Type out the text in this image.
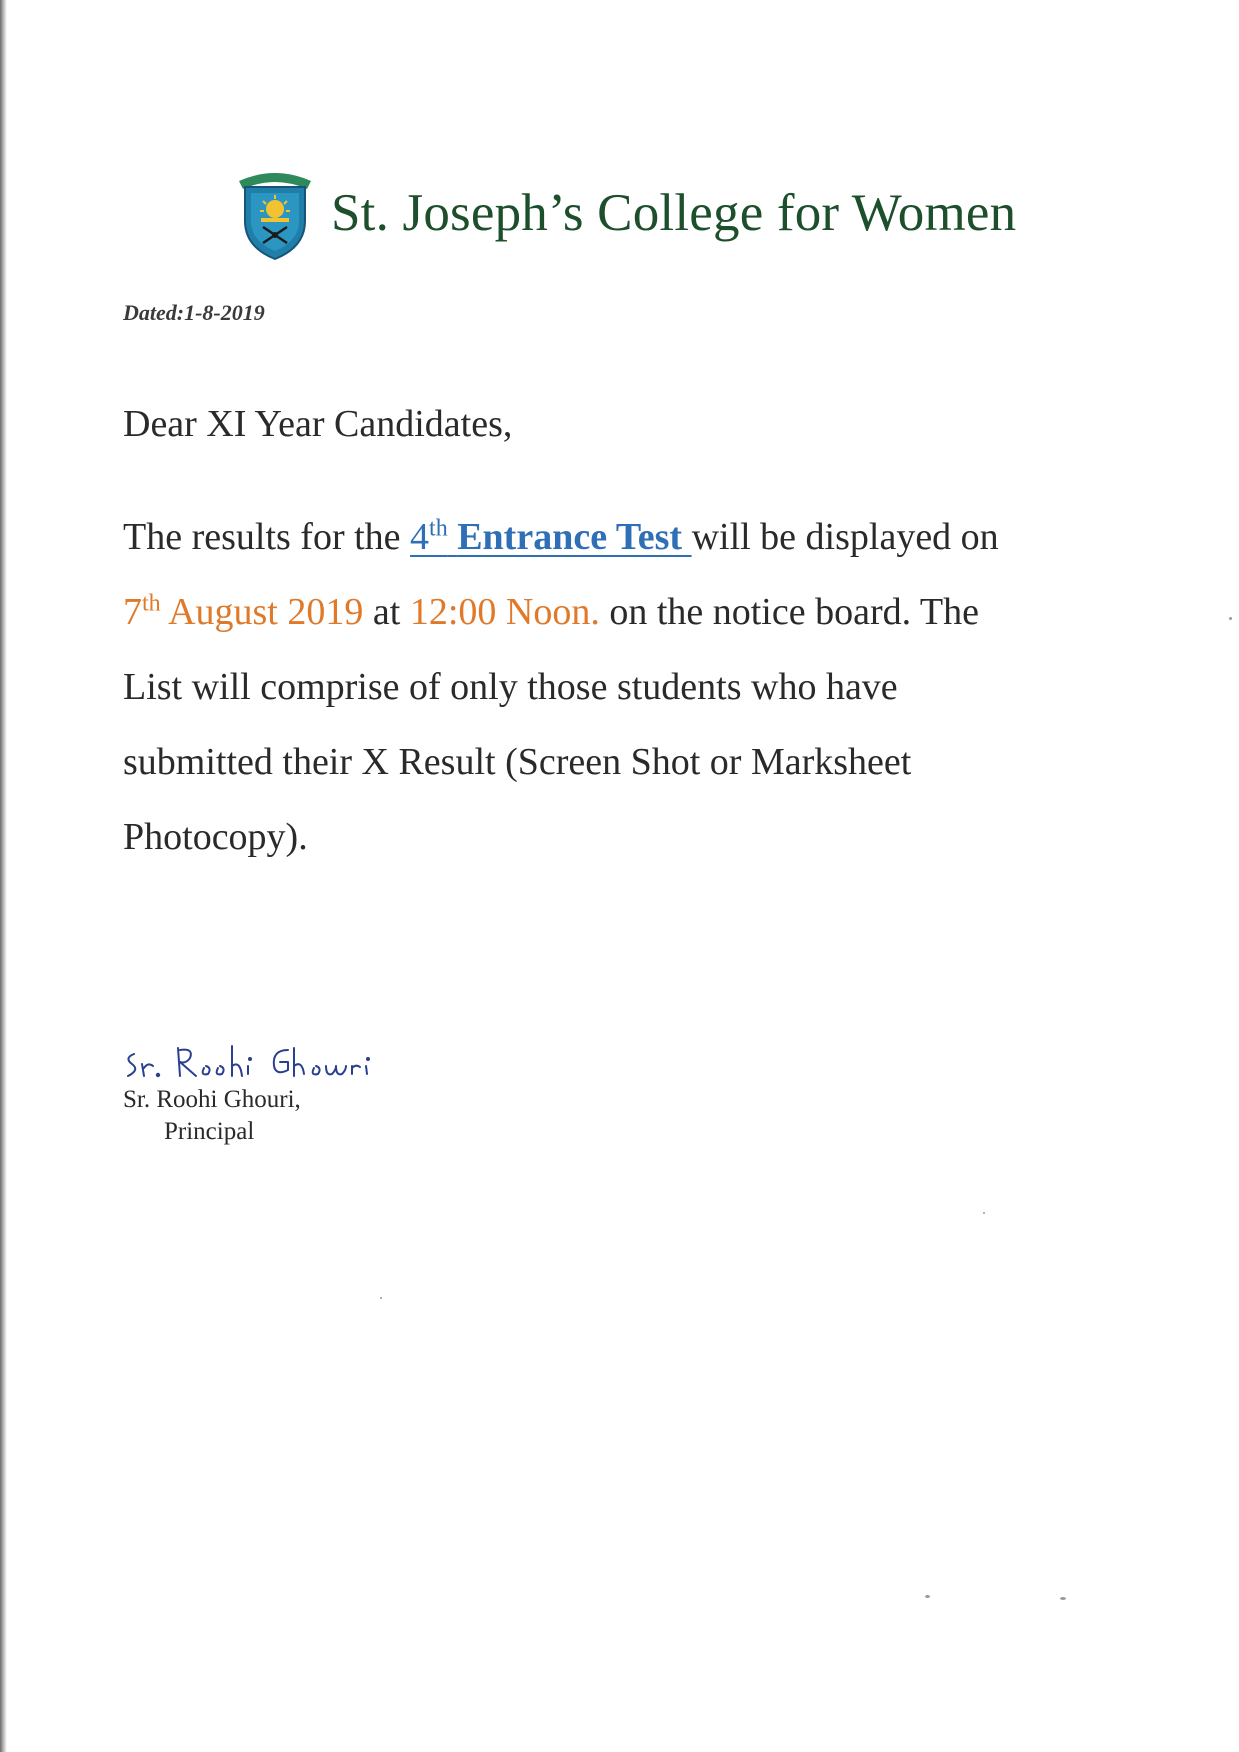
St. Joseph’s College for Women
Dated:1-8-2019
Dear XI Year Candidates,
The results for the 4th Entrance Test will be displayed on
7th August 2019 at 12:00 Noon. on the notice board. The
List will comprise of only those students who have
submitted their X Result (Screen Shot or Marksheet
Photocopy).
Sr. Roohi Ghouri,
Principal
